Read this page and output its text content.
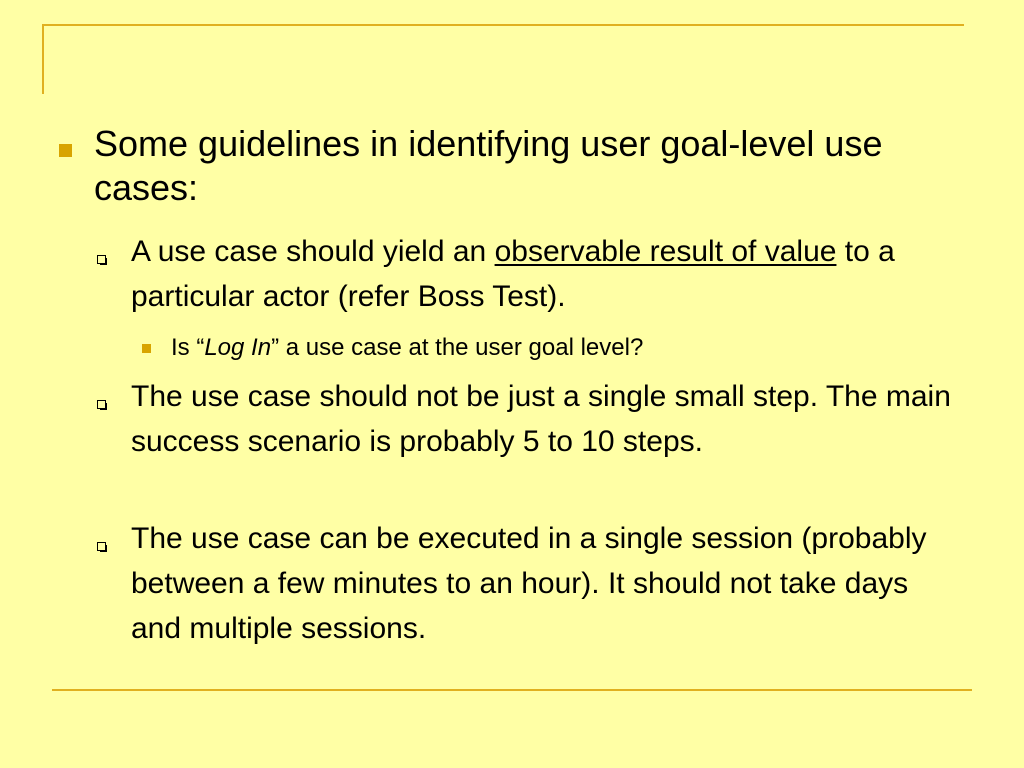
Some guidelines in identifying user goal-level use cases:
A use case should yield an observable result of value to a particular actor (refer Boss Test).
Is “Log In” a use case at the user goal level?
The use case should not be just a single small step. The main success scenario is probably 5 to 10 steps.
The use case can be executed in a single session (probably between a few minutes to an hour). It should not take days and multiple sessions.
